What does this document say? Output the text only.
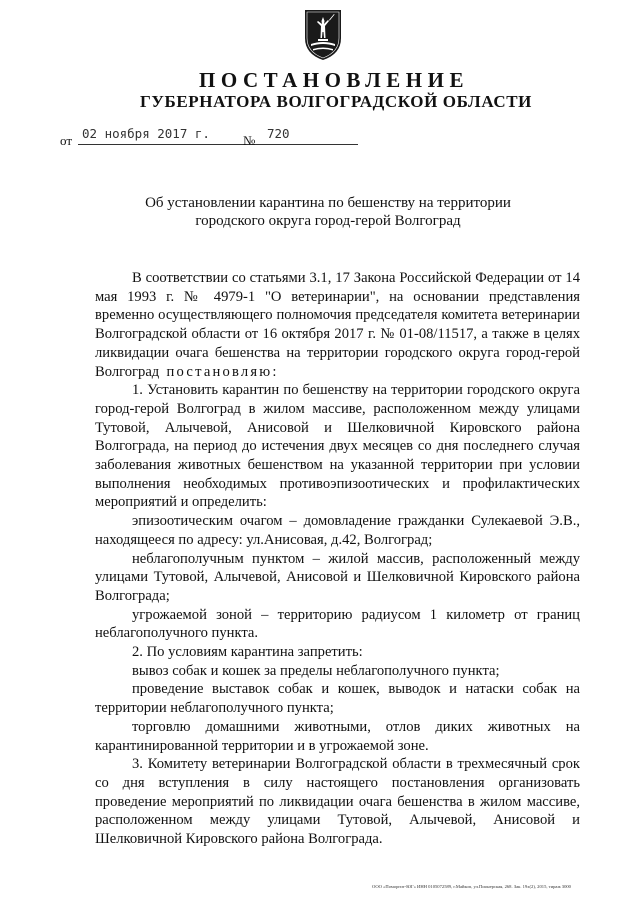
ПОСТАНОВЛЕНИЕ
ГУБЕРНАТОРА ВОЛГОГРАДСКОЙ ОБЛАСТИ
от 02 ноября 2017 г.	№ 720
Об установлении карантина по бешенству на территории
городского округа город-герой Волгоград

В соответствии со статьями 3.1, 17 Закона Российской Федерации от 14 мая 1993 г. № 4979-1 "О ветеринарии", на основании представления временно осуществляющего полномочия председателя комитета ветеринарии Волгоградской области от 16 октября 2017 г. № 01-08/11517, а также в целях ликвидации очага бешенства на территории городского округа город-герой Волгоград постановляю:

1. Установить карантин по бешенству на территории городского округа город-герой Волгоград в жилом массиве, расположенном между улицами Тутовой, Алычевой, Анисовой и Шелковичной Кировского района Волгограда, на период до истечения двух месяцев со дня последнего случая заболевания животных бешенством на указанной территории при условии выполнения необходимых противоэпизоотических и профилактических мероприятий и определить:

эпизоотическим очагом – домовладение гражданки Сулекаевой Э.В., находящееся по адресу: ул.Анисовая, д.42, Волгоград;

неблагополучным пунктом – жилой массив, расположенный между улицами Тутовой, Алычевой, Анисовой и Шелковичной Кировского района Волгограда;

угрожаемой зоной – территорию радиусом 1 километр от границ неблагополучного пункта.

2. По условиям карантина запретить:

вывоз собак и кошек за пределы неблагополучного пункта;

проведение выставок собак и кошек, выводок и натаски собак на территории неблагополучного пункта;

торговлю домашними животными, отлов диких животных на карантинированной территории и в угрожаемой зоне.

3. Комитету ветеринарии Волгоградской области в трехмесячный срок со дня вступления в силу настоящего постановления организовать проведение мероприятий по ликвидации очага бешенства в жилом массиве, расположенном между улицами Тутовой, Алычевой, Анисовой и Шелковичной Кировского района Волгограда.

ООО «Поморгит-ЮГ» ИНН 0105072589, г.Майкоп, ул.Пионерская, 268. Зак. 19х(2), 2015, тираж 3000
